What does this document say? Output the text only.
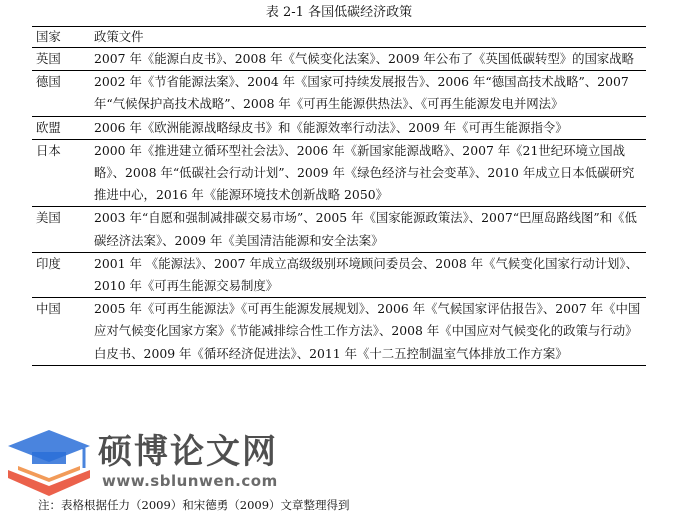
表 2-1 各国低碳经济政策
国家	政策文件
英国	2007 年《能源白皮书》、2008 年《气候变化法案》、2009 年公布了《英国低碳转型》的国家战略
德国	2002 年《节省能源法案》、2004 年《国家可持续发展报告》、2006 年“德国高技术战略”、2007 年“气候保护高技术战略”、2008 年《可再生能源供热法》、《可再生能源发电并网法》
欧盟	2006 年《欧洲能源战略绿皮书》和《能源效率行动法》、2009 年《可再生能源指令》
日本	2000 年《推进建立循环型社会法》、2006 年《新国家能源战略》、2007 年《21世纪环境立国战略》、2008 年“低碳社会行动计划”、2009 年《绿色经济与社会变革》、2010 年成立日本低碳研究推进中心，2016 年《能源环境技术创新战略 2050》
美国	2003 年“自愿和强制减排碳交易市场”、2005 年《国家能源政策法》、2007“巴厘岛路线图”和《低碳经济法案》、2009 年《美国清洁能源和安全法案》
印度	2001 年 《能源法》、2007 年成立高级级别环境顾问委员会、2008 年《气候变化国家行动计划》、2010 年《可再生能源交易制度》
中国	2005 年《可再生能源法》《可再生能源发展规划》、2006 年《气候国家评估报告》、2007 年《中国应对气候变化国家方案》《节能减排综合性工作方法》、2008 年《中国应对气候变化的政策与行动》白皮书、2009 年《循环经济促进法》、2011 年《十二五控制温室气体排放工作方案》
注：表格根据任力（2009）和宋德勇（2009）文章整理得到
硕博论文网
www.sblunwen.com
